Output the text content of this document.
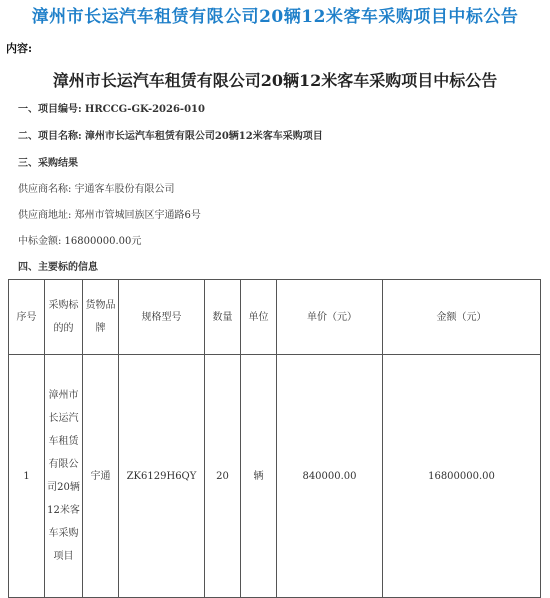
漳州市长运汽车租赁有限公司20辆12米客车采购项目中标公告
内容:
漳州市长运汽车租赁有限公司20辆12米客车采购项目中标公告
一、项目编号: HRCCG-GK-2026-010
二、项目名称: 漳州市长运汽车租赁有限公司20辆12米客车采购项目
三、采购结果
供应商名称: 宇通客车股份有限公司
供应商地址: 郑州市管城回族区宇通路6号
中标金额: 16800000.00元
四、主要标的信息
序号	采购标的的	货物品牌	规格型号	数量	单位	单价（元）	金额（元）
1	漳州市长运汽车租赁有限公司20辆12米客车采购项目	宇通	ZK6129H6QY	20	辆	840000.00	16800000.00
